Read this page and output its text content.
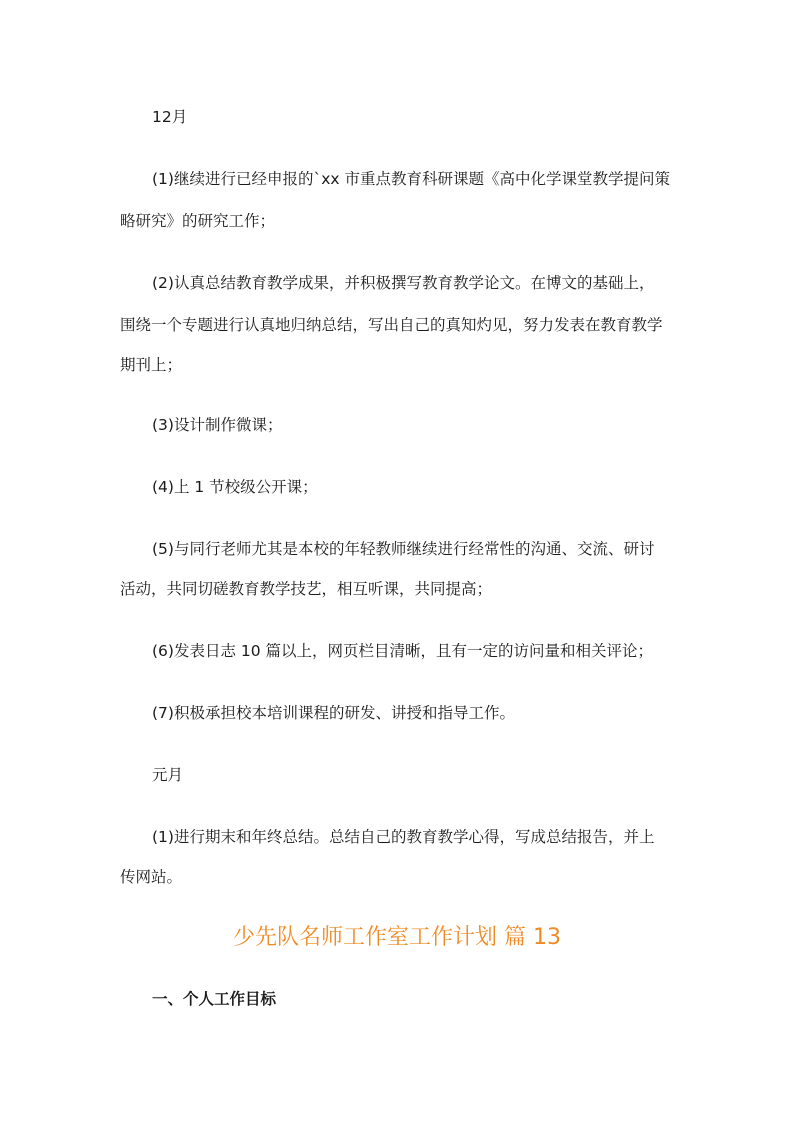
12月

(1)继续进行已经申报的`xx 市重点教育科研课题《高中化学课堂教学提问策

略研究》的研究工作；

(2)认真总结教育教学成果，并积极撰写教育教学论文。在博文的基础上，

围绕一个专题进行认真地归纳总结，写出自己的真知灼见，努力发表在教育教学

期刊上；

(3)设计制作微课；

(4)上 1 节校级公开课；

(5)与同行老师尤其是本校的年轻教师继续进行经常性的沟通、交流、研讨

活动，共同切磋教育教学技艺，相互听课，共同提高；

(6)发表日志 10 篇以上，网页栏目清晰，且有一定的访问量和相关评论；

(7)积极承担校本培训课程的研发、讲授和指导工作。

元月

(1)进行期末和年终总结。总结自己的教育教学心得，写成总结报告，并上

传网站。

少先队名师工作室工作计划 篇 13

一、个人工作目标
